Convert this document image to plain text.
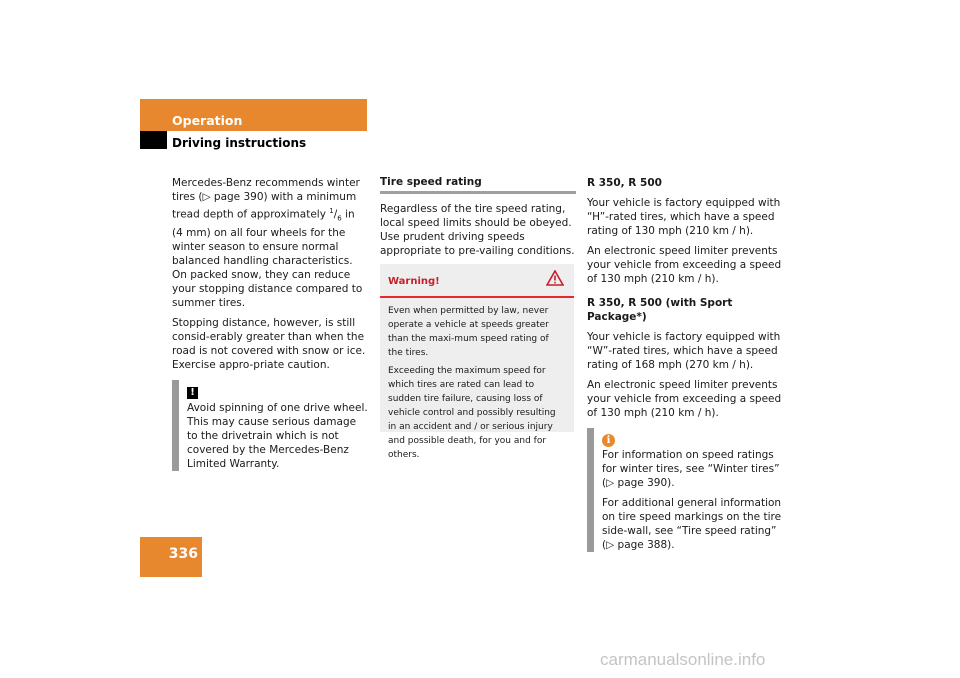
Operation
Driving instructions

Mercedes-Benz recommends winter tires (▷ page 390) with a minimum tread depth of approximately $^1/_6$ in (4 mm) on all four wheels for the winter season to ensure normal balanced handling characteristics. On packed snow, they can reduce your stopping distance compared to summer tires.

Stopping distance, however, is still consid-erably greater than when the road is not covered with snow or ice. Exercise appro-priate caution.

!

Avoid spinning of one drive wheel. This may cause serious damage to the drivetrain which is not covered by the Mercedes-Benz Limited Warranty.

Tire speed rating

Regardless of the tire speed rating, local speed limits should be obeyed. Use prudent driving speeds appropriate to pre-vailing conditions.

Warning!

Even when permitted by law, never operate a vehicle at speeds greater than the maxi-mum speed rating of the tires.

Exceeding the maximum speed for which tires are rated can lead to sudden tire failure, causing loss of vehicle control and possibly resulting in an accident and / or serious injury and possible death, for you and for others.

R 350, R 500

Your vehicle is factory equipped with “H”-rated tires, which have a speed rating of 130 mph (210 km / h).

An electronic speed limiter prevents your vehicle from exceeding a speed of 130 mph (210 km / h).

R 350, R 500 (with Sport Package*)

Your vehicle is factory equipped with “W”-rated tires, which have a speed rating of 168 mph (270 km / h).

An electronic speed limiter prevents your vehicle from exceeding a speed of 130 mph (210 km / h).

i

For information on speed ratings for winter tires, see “Winter tires” (▷ page 390).

For additional general information on tire speed markings on the tire side-wall, see “Tire speed rating” (▷ page 388).

336
carmanualsonline.info
